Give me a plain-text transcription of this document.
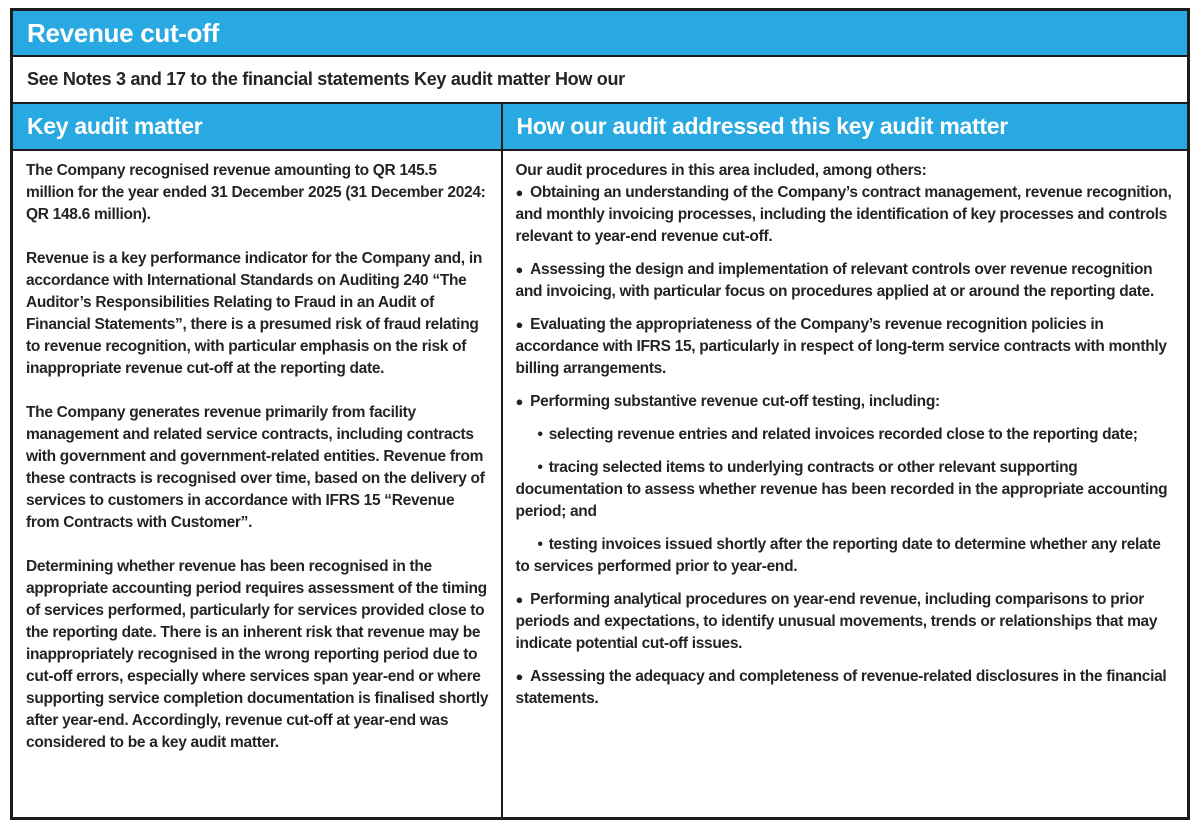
Revenue cut-off
See Notes 3 and 17 to the financial statements Key audit matter How our
Key audit matter	How our audit addressed this key audit matter

The Company recognised revenue amounting to QR 145.5 million for the year ended 31 December 2025 (31 December 2024: QR 148.6 million).

Revenue is a key performance indicator for the Company and, in accordance with International Standards on Auditing 240 “The Auditor’s Responsibilities Relating to Fraud in an Audit of Financial Statements”, there is a presumed risk of fraud relating to revenue recognition, with particular emphasis on the risk of inappropriate revenue cut-off at the reporting date.

The Company generates revenue primarily from facility management and related service contracts, including contracts with government and government-related entities. Revenue from these contracts is recognised over time, based on the delivery of services to customers in accordance with IFRS 15 “Revenue from Contracts with Customer”.

Determining whether revenue has been recognised in the appropriate accounting period requires assessment of the timing of services performed, particularly for services provided close to the reporting date. There is an inherent risk that revenue may be inappropriately recognised in the wrong reporting period due to cut-off errors, especially where services span year-end or where supporting service completion documentation is finalised shortly after year-end. Accordingly, revenue cut-off at year-end was considered to be a key audit matter.

Our audit procedures in this area included, among others:

● Obtaining an understanding of the Company’s contract management, revenue recognition, and monthly invoicing processes, including the identification of key processes and controls relevant to year-end revenue cut-off.

● Assessing the design and implementation of relevant controls over revenue recognition and invoicing, with particular focus on procedures applied at or around the reporting date.

● Evaluating the appropriateness of the Company’s revenue recognition policies in accordance with IFRS 15, particularly in respect of long-term service contracts with monthly billing arrangements.

● Performing substantive revenue cut-off testing, including:

• selecting revenue entries and related invoices recorded close to the reporting date;

• tracing selected items to underlying contracts or other relevant supporting documentation to assess whether revenue has been recorded in the appropriate accounting period; and

• testing invoices issued shortly after the reporting date to determine whether any relate to services performed prior to year-end.

● Performing analytical procedures on year-end revenue, including comparisons to prior periods and expectations, to identify unusual movements, trends or relationships that may indicate potential cut-off issues.

● Assessing the adequacy and completeness of revenue-related disclosures in the financial statements.
